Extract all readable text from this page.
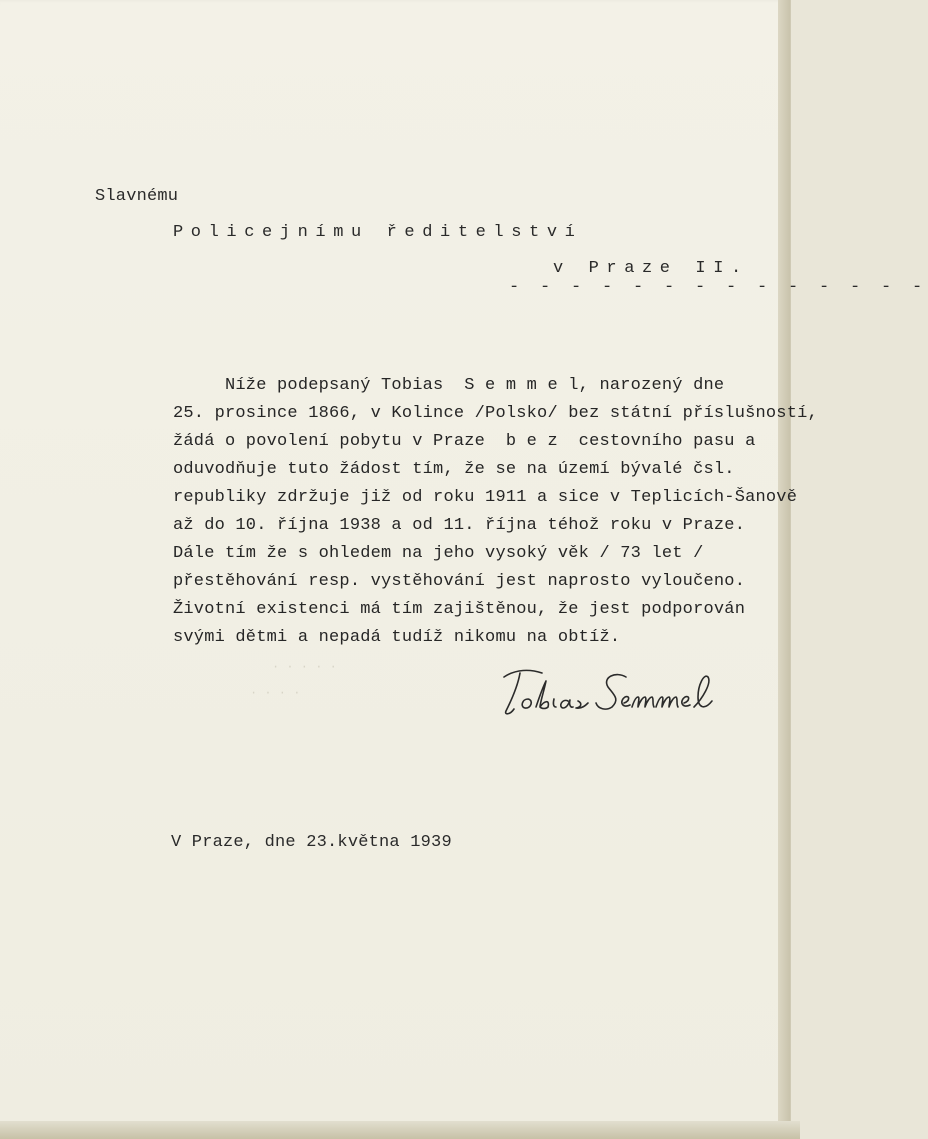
Slavnému
Policejnímu ředitelství
v Praze II.
- - - - - - - - - - - - - -
Níže podepsaný Tobias  S e m m e l, narozený dne
25. prosince 1866, v Kolince /Polsko/ bez státní příslušností,
žádá o povolení pobytu v Praze  b e z  cestovního pasu a
oduvodňuje tuto žádost tím, že se na území bývalé čsl.
republiky zdržuje již od roku 1911 a sice v Teplicích-Šanově
až do 10. října 1938 a od 11. října téhož roku v Praze.
Dále tím že s ohledem na jeho vysoký věk / 73 let /
přestěhování resp. vystěhování jest naprosto vyloučeno.
Životní existenci má tím zajištěnou, že jest podporován
svými dětmi a nepadá tudíž nikomu na obtíž.
· · · · ·
· · · ·
V Praze, dne 23.května 1939
